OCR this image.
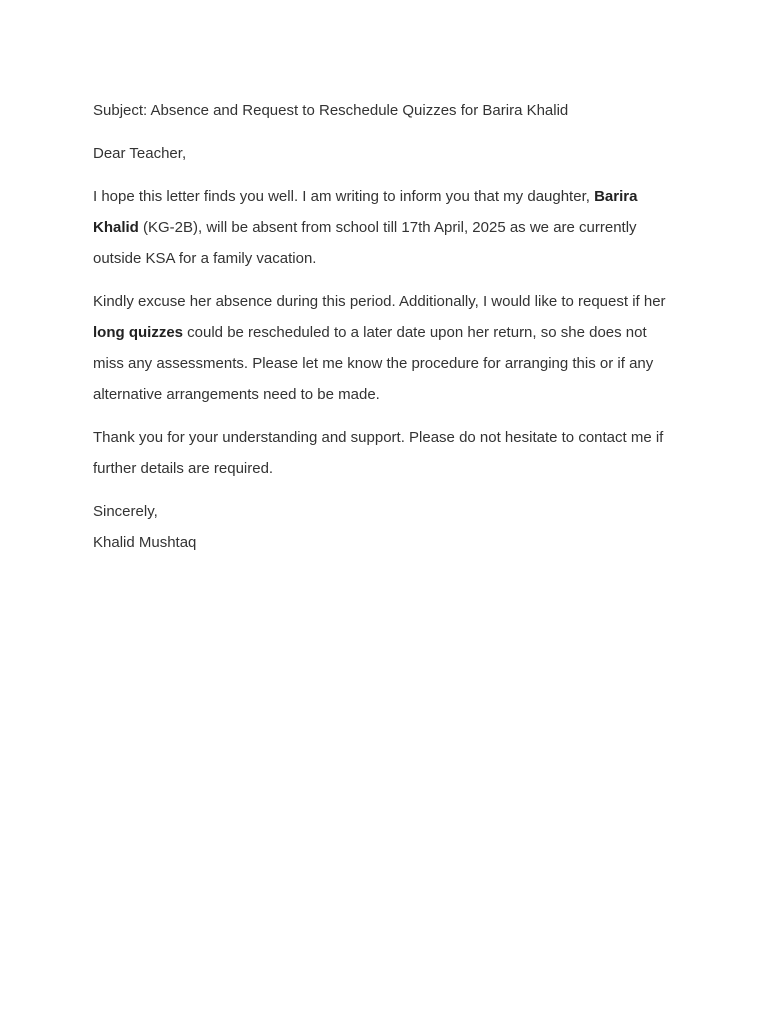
Subject: Absence and Request to Reschedule Quizzes for Barira Khalid

Dear Teacher,

I hope this letter finds you well. I am writing to inform you that my daughter, Barira Khalid (KG-2B), will be absent from school till 17th April, 2025 as we are currently outside KSA for a family vacation.

Kindly excuse her absence during this period. Additionally, I would like to request if her long quizzes could be rescheduled to a later date upon her return, so she does not miss any assessments. Please let me know the procedure for arranging this or if any alternative arrangements need to be made.

Thank you for your understanding and support. Please do not hesitate to contact me if further details are required.

Sincerely,

Khalid Mushtaq
